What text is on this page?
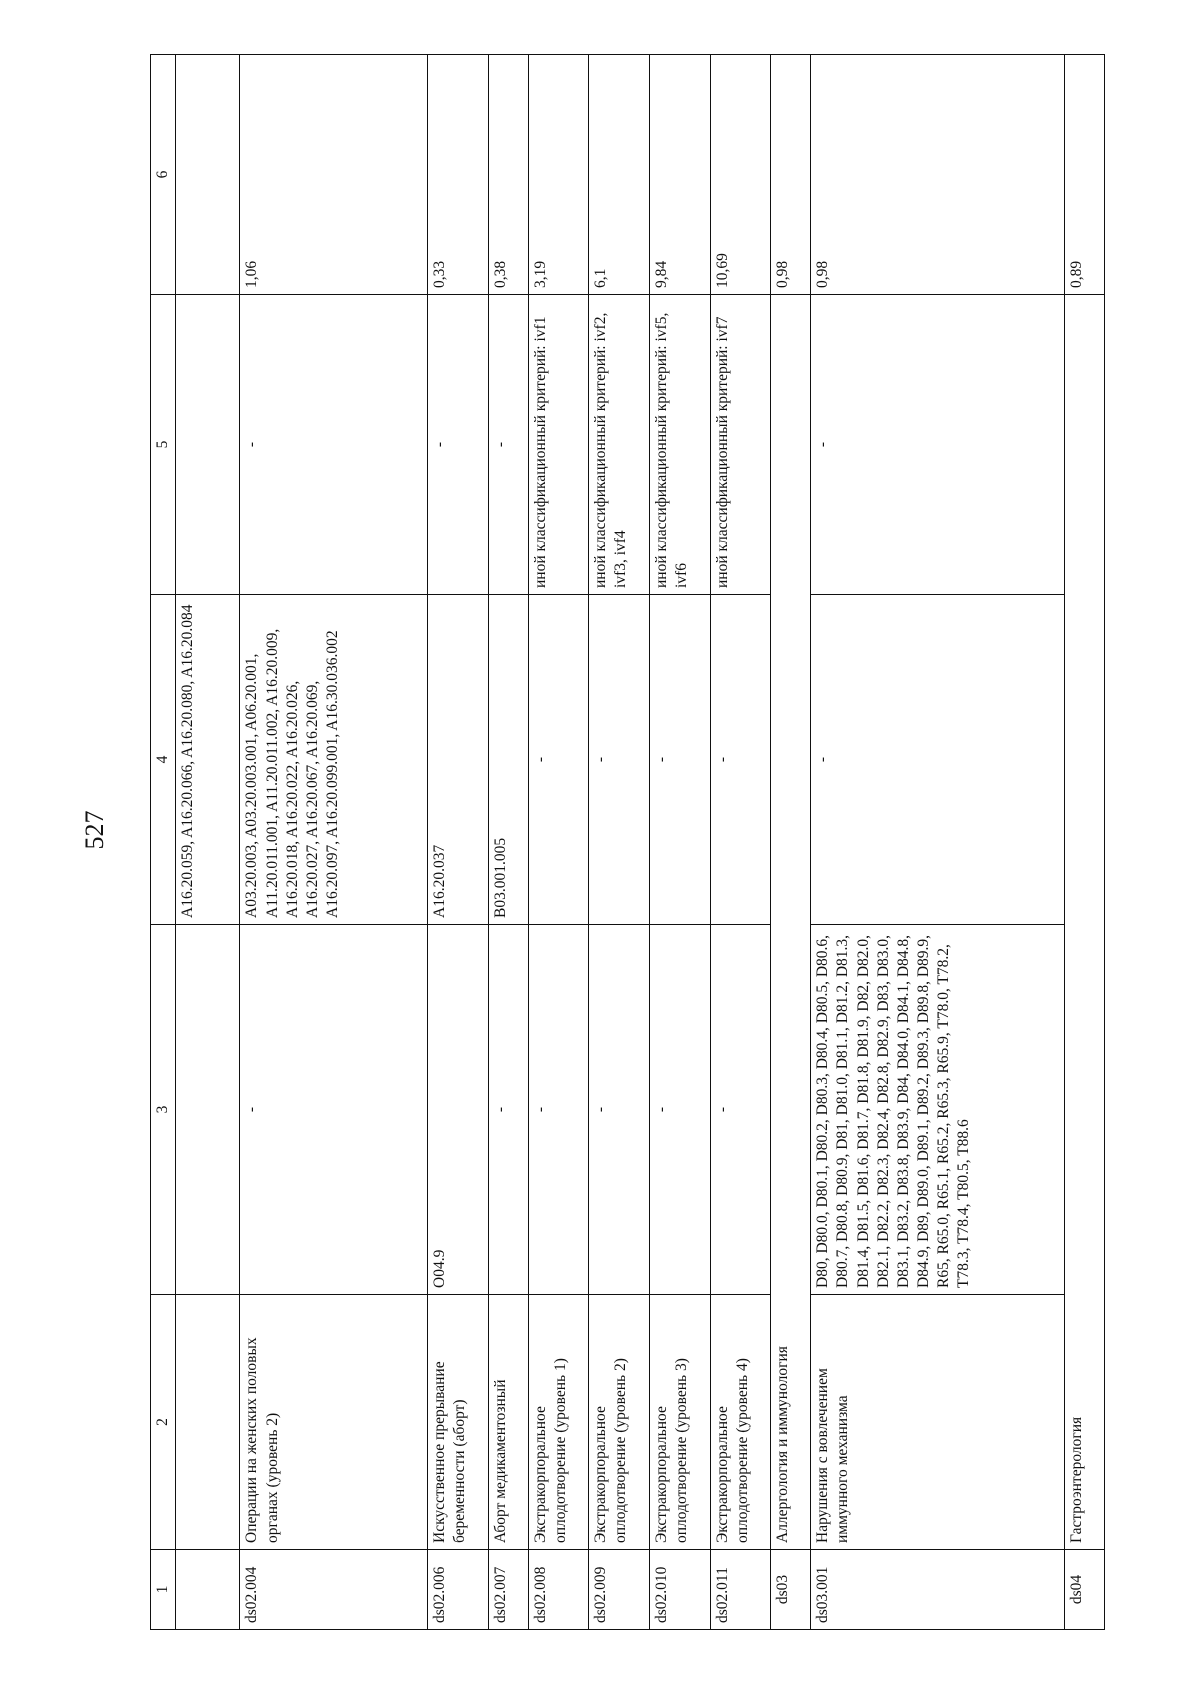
527
1	2	3	4	5	6
			A16.20.059, A16.20.066, A16.20.080, A16.20.084		
ds02.004	Операции на женских половых органах (уровень 2)	-	A03.20.003, A03.20.003.001, A06.20.001, A11.20.011.001, A11.20.011.002, A16.20.009, A16.20.018, A16.20.022, A16.20.026, A16.20.027, A16.20.067, A16.20.069, A16.20.097, A16.20.099.001, A16.30.036.002	-	1,06
ds02.006	Искусственное прерывание беременности (аборт)	O04.9	A16.20.037	-	0,33
ds02.007	Аборт медикаментозный	-	B03.001.005	-	0,38
ds02.008	Экстракорпоральное оплодотворение (уровень 1)	-	-	иной классификационный критерий: ivf1	3,19
ds02.009	Экстракорпоральное оплодотворение (уровень 2)	-	-	иной классификационный критерий: ivf2, ivf3, ivf4	6,1
ds02.010	Экстракорпоральное оплодотворение (уровень 3)	-	-	иной классификационный критерий: ivf5, ivf6	9,84
ds02.011	Экстракорпоральное оплодотворение (уровень 4)	-	-	иной классификационный критерий: ivf7	10,69
ds03	Аллергология и иммунология				0,98
ds03.001	Нарушения с вовлечением иммунного механизма	D80, D80.0, D80.1, D80.2, D80.3, D80.4, D80.5, D80.6, D80.7, D80.8, D80.9, D81, D81.0, D81.1, D81.2, D81.3, D81.4, D81.5, D81.6, D81.7, D81.8, D81.9, D82, D82.0, D82.1, D82.2, D82.3, D82.4, D82.8, D82.9, D83, D83.0, D83.1, D83.2, D83.8, D83.9, D84, D84.0, D84.1, D84.8, D84.9, D89, D89.0, D89.1, D89.2, D89.3, D89.8, D89.9, R65, R65.0, R65.1, R65.2, R65.3, R65.9, T78.0, T78.2, T78.3, T78.4, T80.5, T88.6	-	-	0,98
ds04	Гастроэнтерология				0,89
